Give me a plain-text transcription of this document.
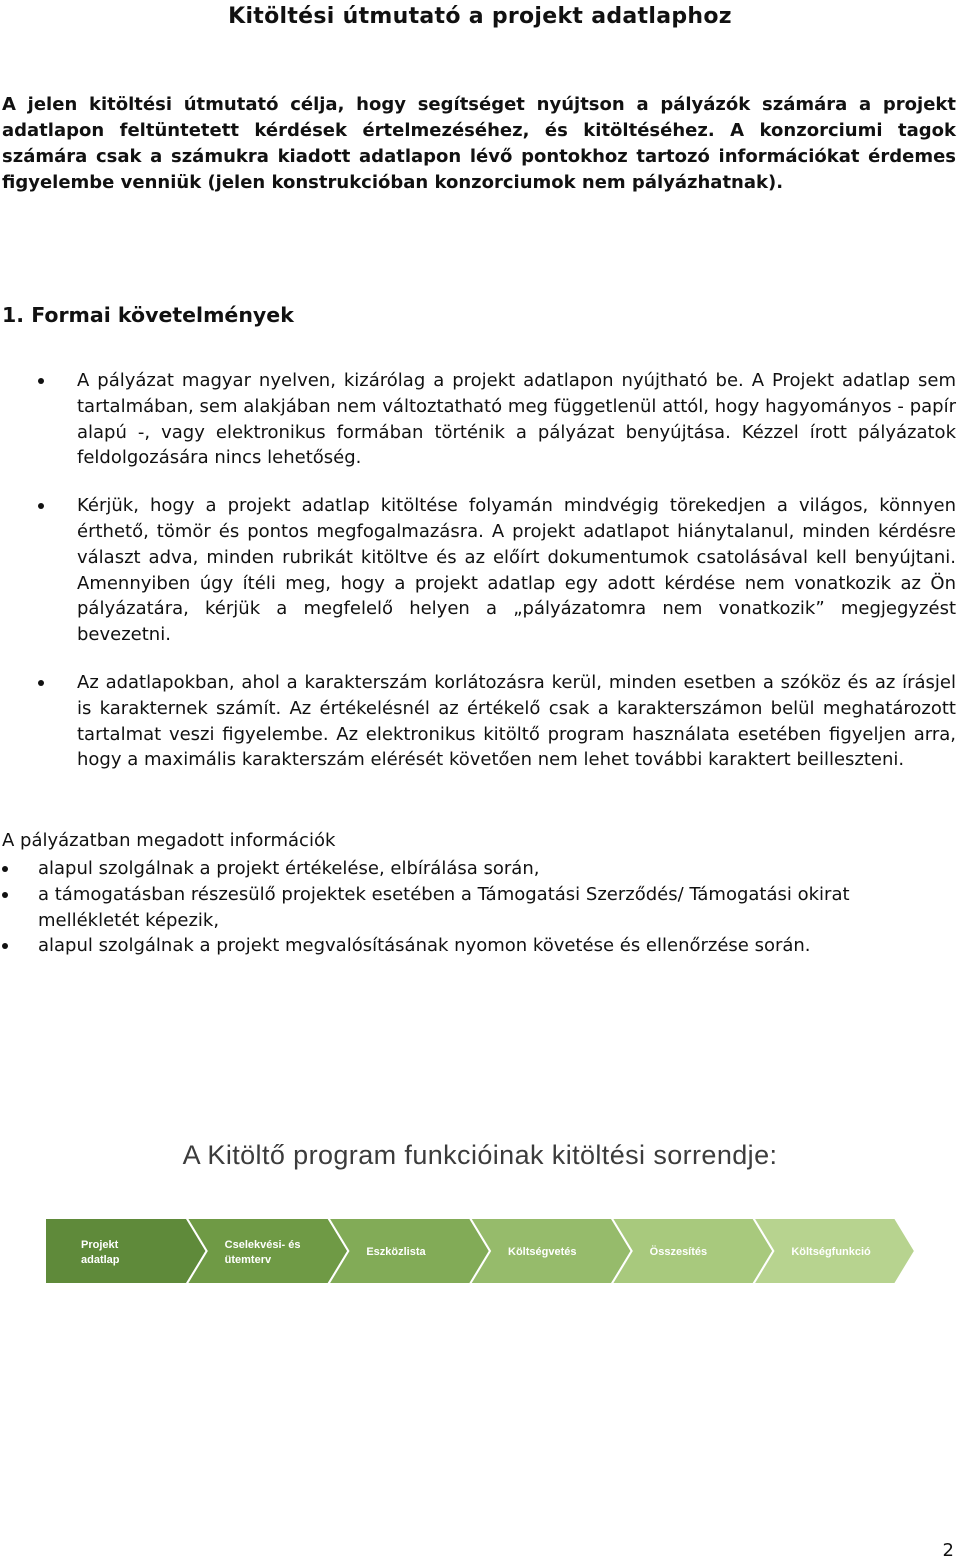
Kitöltési útmutató a projekt adatlaphoz

A jelen kitöltési útmutató célja, hogy segítséget nyújtson a pályázók számára a projekt adatlapon feltüntetett kérdések értelmezéséhez, és kitöltéséhez. A konzorciumi tagok számára csak a számukra kiadott adatlapon lévő pontokhoz tartozó információkat érdemes figyelembe venniük (jelen konstrukcióban konzorciumok nem pályázhatnak).

1. Formai követelmények
A pályázat magyar nyelven, kizárólag a projekt adatlapon nyújtható be. A Projekt adatlap sem tartalmában, sem alakjában nem változtatható meg függetlenül attól, hogy hagyományos - papír alapú -, vagy elektronikus formában történik a pályázat benyújtása. Kézzel írott pályázatok feldolgozására nincs lehetőség.
Kérjük, hogy a projekt adatlap kitöltése folyamán mindvégig törekedjen a világos, könnyen érthető, tömör és pontos megfogalmazásra. A projekt adatlapot hiánytalanul, minden kérdésre választ adva, minden rubrikát kitöltve és az előírt dokumentumok csatolásával kell benyújtani. Amennyiben úgy ítéli meg, hogy a projekt adatlap egy adott kérdése nem vonatkozik az Ön pályázatára, kérjük a megfelelő helyen a „pályázatomra nem vonatkozik” megjegyzést bevezetni.
Az adatlapokban, ahol a karakterszám korlátozásra kerül, minden esetben a szóköz és az írásjel is karakternek számít. Az értékelésnél az értékelő csak a karakterszámon belül meghatározott tartalmat veszi figyelembe. Az elektronikus kitöltő program használata esetében figyeljen arra, hogy a maximális karakterszám elérését követően nem lehet további karaktert beilleszteni.

A pályázatban megadott információk

alapul szolgálnak a projekt értékelése, elbírálása során,
a támogatásban részesülő projektek esetében a Támogatási Szerződés/ Támogatási okirat mellékletét képezik,
alapul szolgálnak a projekt megvalósításának nyomon követése és ellenőrzése során.
A Kitöltő program funkcióinak kitöltési sorrendje:
Projekt
adatlap
Cselekvési- és
ütemterv
Eszközlista	Költségvetés	Összesítés	Költségfunkció
2
